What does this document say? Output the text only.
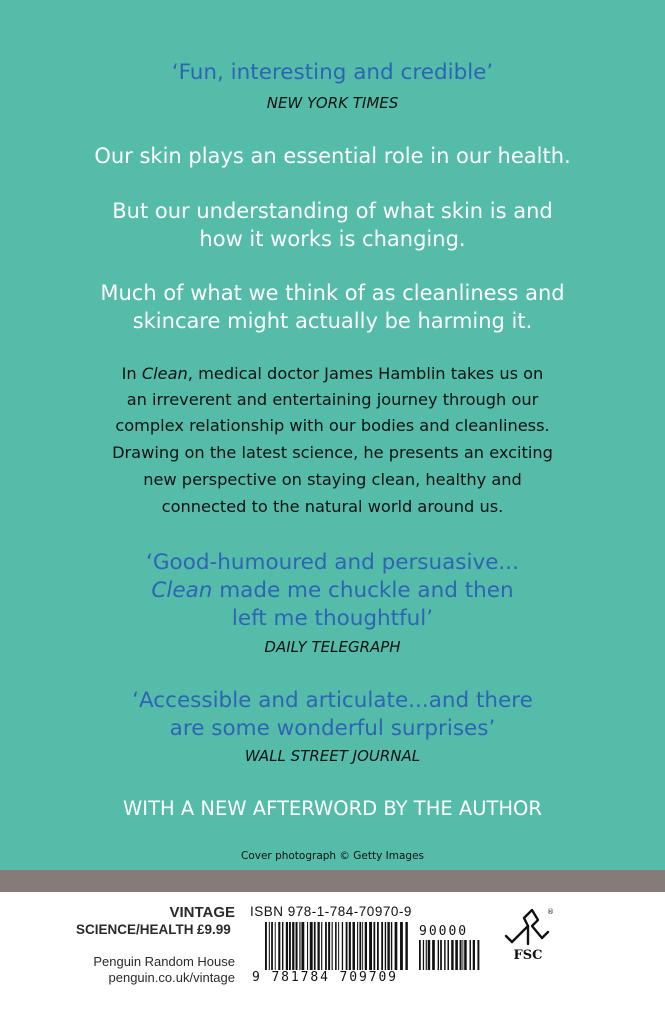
‘Fun, interesting and credible’
NEW YORK TIMES
Our skin plays an essential role in our health.
But our understanding of what skin is and
how it works is changing.
Much of what we think of as cleanliness and
skincare might actually be harming it.
In Clean, medical doctor James Hamblin takes us on
an irreverent and entertaining journey through our
complex relationship with our bodies and cleanliness.
Drawing on the latest science, he presents an exciting
new perspective on staying clean, healthy and
connected to the natural world around us.
‘Good-humoured and persuasive...
Clean made me chuckle and then
left me thoughtful’
DAILY TELEGRAPH
‘Accessible and articulate...and there
are some wonderful surprises’
WALL STREET JOURNAL
WITH A NEW AFTERWORD BY THE AUTHOR
Cover photograph © Getty Images
VINTAGE
SCIENCE/HEALTH £9.99
Penguin Random House
penguin.co.uk/vintage
ISBN 978-1-784-70970-9
9 781784 709709
90000
®
FSC
